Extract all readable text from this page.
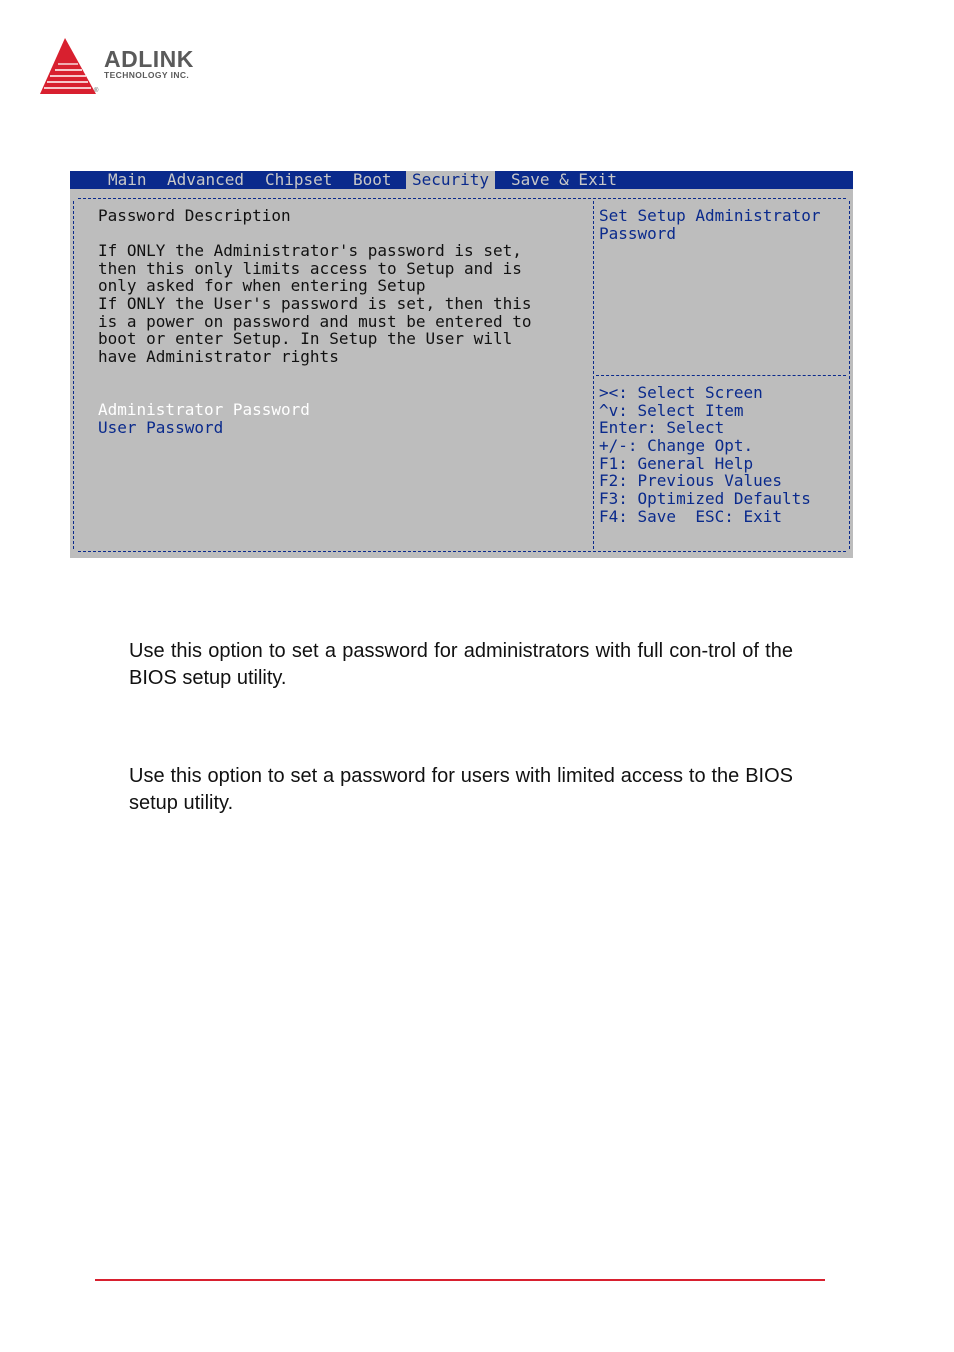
ADLINK
TECHNOLOGY INC.
®
Main Advanced Chipset Boot	Security	Save & Exit
Password Description
If ONLY the Administrator's password is set,
then this only limits access to Setup and is
only asked for when entering Setup
If ONLY the User's password is set, then this
is a power on password and must be entered to
boot or enter Setup. In Setup the User will
have Administrator rights
Administrator Password
User Password
Set Setup Administrator
Password
><: Select Screen
^v: Select Item
Enter: Select
+/-: Change Opt.
F1: General Help
F2: Previous Values
F3: Optimized Defaults
F4: Save  ESC: Exit
Use this option to set a password for administrators with full con-trol of the BIOS setup utility.
Use this option to set a password for users with limited access to the BIOS setup utility.
